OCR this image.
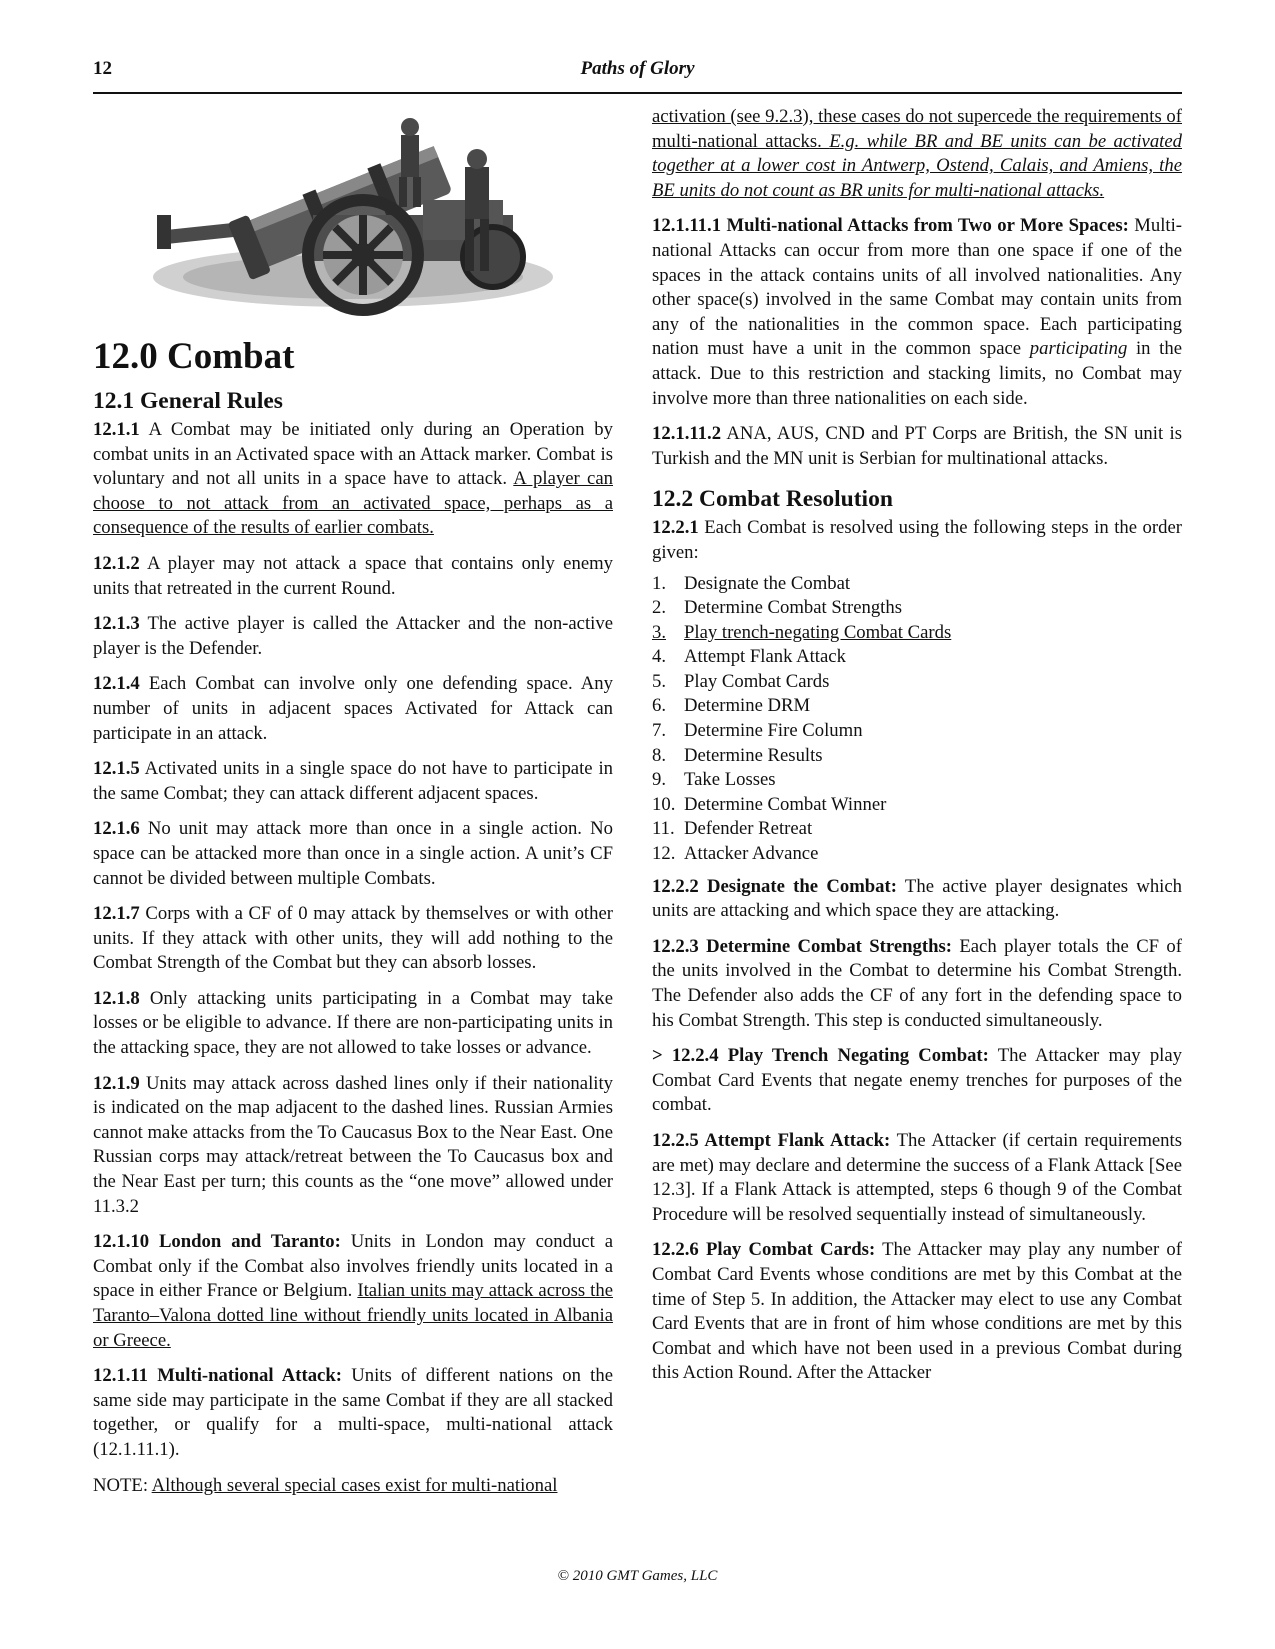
12	Paths of Glory
12.0 Combat
12.1 General Rules

12.1.1 A Combat may be initiated only during an Operation by combat units in an Activated space with an Attack marker. Combat is voluntary and not all units in a space have to attack. A player can choose to not attack from an activated space, perhaps as a consequence of the results of earlier combats.

12.1.2 A player may not attack a space that contains only enemy units that retreated in the current Round.

12.1.3 The active player is called the Attacker and the non-active player is the Defender.

12.1.4 Each Combat can involve only one defending space. Any number of units in adjacent spaces Activated for Attack can participate in an attack.

12.1.5 Activated units in a single space do not have to participate in the same Combat; they can attack different adjacent spaces.

12.1.6 No unit may attack more than once in a single action. No space can be attacked more than once in a single action. A unit’s CF cannot be divided between multiple Combats.

12.1.7 Corps with a CF of 0 may attack by themselves or with other units. If they attack with other units, they will add nothing to the Combat Strength of the Combat but they can absorb losses.

12.1.8 Only attacking units participating in a Combat may take losses or be eligible to advance. If there are non-participating units in the attacking space, they are not allowed to take losses or advance.

12.1.9 Units may attack across dashed lines only if their nationality is indicated on the map adjacent to the dashed lines. Russian Armies cannot make attacks from the To Caucasus Box to the Near East. One Russian corps may attack/retreat between the To Caucasus box and the Near East per turn; this counts as the “one move” allowed under 11.3.2

12.1.10 London and Taranto: Units in London may conduct a Combat only if the Combat also involves friendly units located in a space in either France or Belgium. Italian units may attack across the Taranto–Valona dotted line without friendly units located in Albania or Greece.

12.1.11 Multi-national Attack: Units of different nations on the same side may participate in the same Combat if they are all stacked together, or qualify for a multi-space, multi-national attack (12.1.11.1).

NOTE: Although several special cases exist for multi-national

activation (see 9.2.3), these cases do not supercede the requirements of multi-national attacks. E.g. while BR and BE units can be activated together at a lower cost in Antwerp, Ostend, Calais, and Amiens, the BE units do not count as BR units for multi-national attacks.

12.1.11.1 Multi-national Attacks from Two or More Spaces: Multi-national Attacks can occur from more than one space if one of the spaces in the attack contains units of all involved nationalities. Any other space(s) involved in the same Combat may contain units from any of the nationalities in the common space. Each participating nation must have a unit in the common space participating in the attack. Due to this restriction and stacking limits, no Combat may involve more than three nationalities on each side.

12.1.11.2 ANA, AUS, CND and PT Corps are British, the SN unit is Turkish and the MN unit is Serbian for multinational attacks.

12.2 Combat Resolution

12.2.1 Each Combat is resolved using the following steps in the order given:

1. Designate the Combat
2. Determine Combat Strengths
3. Play trench-negating Combat Cards
4. Attempt Flank Attack
5. Play Combat Cards
6. Determine DRM
7. Determine Fire Column
8. Determine Results
9. Take Losses
10. Determine Combat Winner
11. Defender Retreat
12. Attacker Advance

12.2.2 Designate the Combat: The active player designates which units are attacking and which space they are attacking.

12.2.3 Determine Combat Strengths: Each player totals the CF of the units involved in the Combat to determine his Combat Strength. The Defender also adds the CF of any fort in the defending space to his Combat Strength. This step is conducted simultaneously.

> 12.2.4 Play Trench Negating Combat: The Attacker may play Combat Card Events that negate enemy trenches for purposes of the combat.

12.2.5 Attempt Flank Attack: The Attacker (if certain requirements are met) may declare and determine the success of a Flank Attack [See 12.3]. If a Flank Attack is attempted, steps 6 though 9 of the Combat Procedure will be resolved sequentially instead of simultaneously.

12.2.6 Play Combat Cards: The Attacker may play any number of Combat Card Events whose conditions are met by this Combat at the time of Step 5. In addition, the Attacker may elect to use any Combat Card Events that are in front of him whose conditions are met by this Combat and which have not been used in a previous Combat during this Action Round. After the Attacker

© 2010 GMT Games, LLC
